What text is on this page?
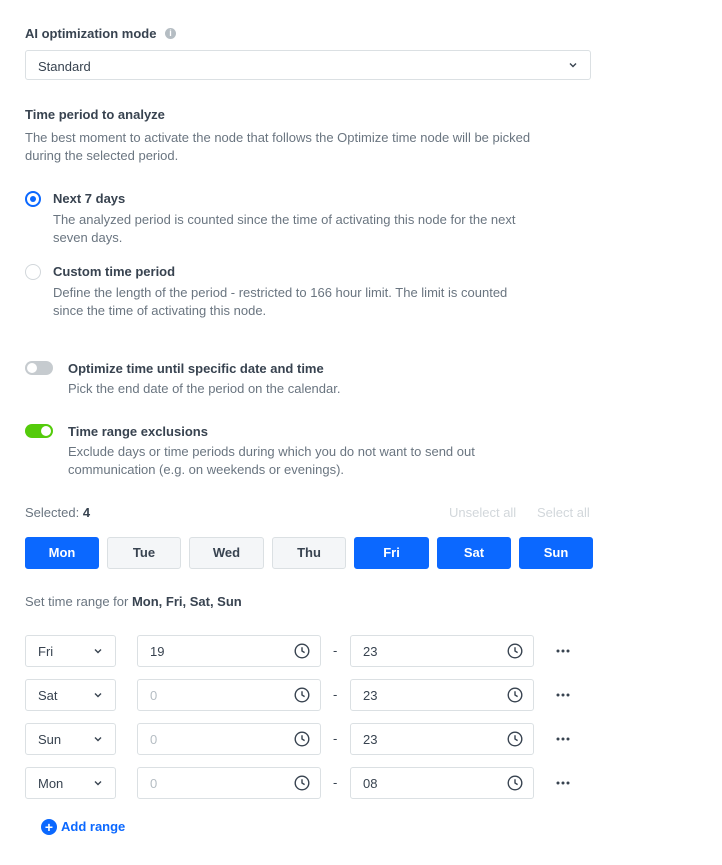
AI optimization mode	i
Standard
Time period to analyze
The best moment to activate the node that follows the Optimize time node will be picked
during the selected period.
Next 7 days
The analyzed period is counted since the time of activating this node for the next
seven days.
Custom time period
Define the length of the period - restricted to 166 hour limit. The limit is counted
since the time of activating this node.
Optimize time until specific date and time
Pick the end date of the period on the calendar.
Time range exclusions
Exclude days or time periods during which you do not want to send out
communication (e.g. on weekends or evenings).
Selected: 4	Unselect all Select all
Mon	Tue	Wed	Thu	Fri	Sat	Sun
Set time range for Mon, Fri, Sat, Sun
Fri	19	- 23
Sat	0	- 23
Sun	0	- 23
Mon	0	- 08
+ Add range
